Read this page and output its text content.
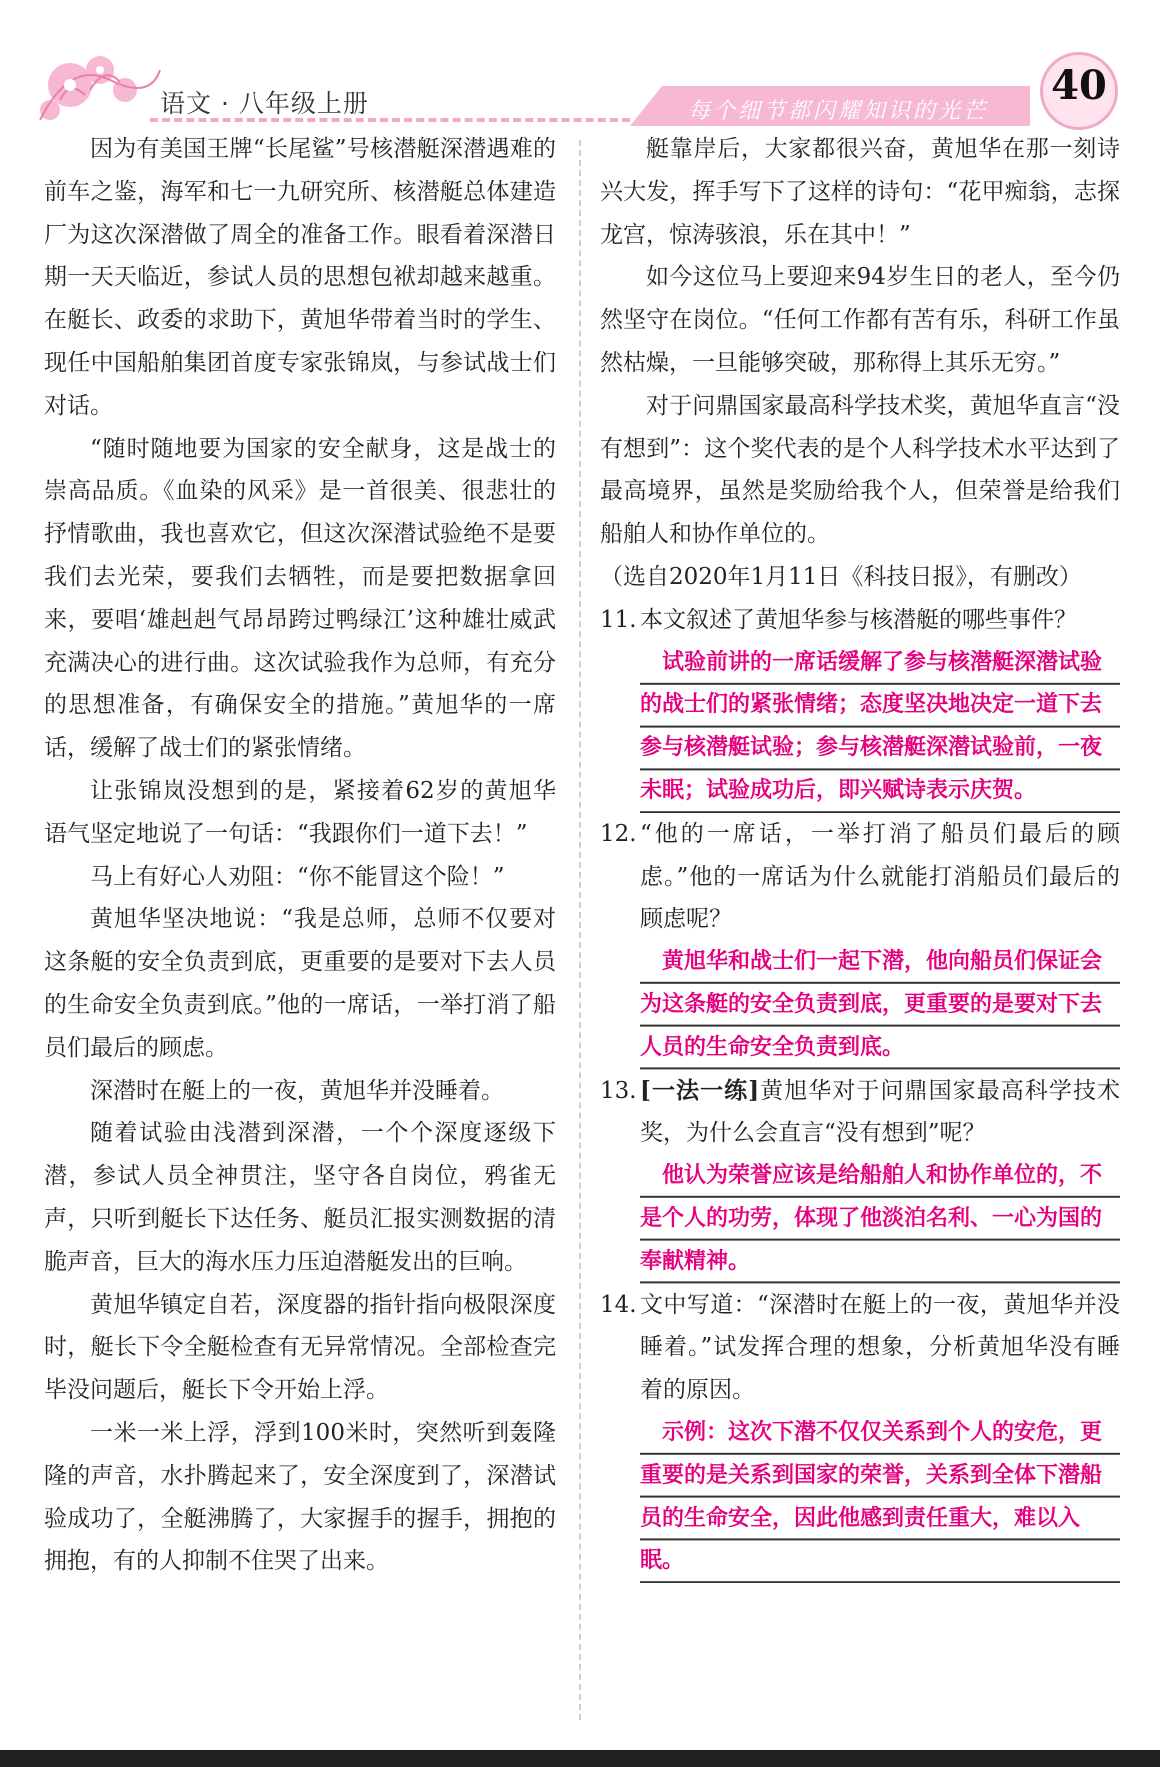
语文 · 八年级上册	每个细节都闪耀知识的光芒
40

因为有美国王牌“长尾鲨”号核潜艇深潜遇难的前车之鉴，海军和七一九研究所、核潜艇总体建造厂为这次深潜做了周全的准备工作。眼看着深潜日期一天天临近，参试人员的思想包袱却越来越重。在艇长、政委的求助下，黄旭华带着当时的学生、现任中国船舶集团首度专家张锦岚，与参试战士们对话。

“随时随地要为国家的安全献身，这是战士的崇高品质。《血染的风采》是一首很美、很悲壮的抒情歌曲，我也喜欢它，但这次深潜试验绝不是要我们去光荣，要我们去牺牲，而是要把数据拿回来，要唱‘雄赳赳气昂昂跨过鸭绿江’这种雄壮威武充满决心的进行曲。这次试验我作为总师，有充分的思想准备，有确保安全的措施。”黄旭华的一席话，缓解了战士们的紧张情绪。

让张锦岚没想到的是，紧接着62岁的黄旭华语气坚定地说了一句话：“我跟你们一道下去！”

马上有好心人劝阻：“你不能冒这个险！”

黄旭华坚决地说：“我是总师，总师不仅要对这条艇的安全负责到底，更重要的是要对下去人员的生命安全负责到底。”他的一席话，一举打消了船员们最后的顾虑。

深潜时在艇上的一夜，黄旭华并没睡着。

随着试验由浅潜到深潜，一个个深度逐级下潜，参试人员全神贯注，坚守各自岗位，鸦雀无声，只听到艇长下达任务、艇员汇报实测数据的清脆声音，巨大的海水压力压迫潜艇发出的巨响。

黄旭华镇定自若，深度器的指针指向极限深度时，艇长下令全艇检查有无异常情况。全部检查完毕没问题后，艇长下令开始上浮。

一米一米上浮，浮到100米时，突然听到轰隆隆的声音，水扑腾起来了，安全深度到了，深潜试验成功了，全艇沸腾了，大家握手的握手，拥抱的拥抱，有的人抑制不住哭了出来。

艇靠岸后，大家都很兴奋，黄旭华在那一刻诗兴大发，挥手写下了这样的诗句：“花甲痴翁，志探龙宫，惊涛骇浪，乐在其中！”

如今这位马上要迎来94岁生日的老人，至今仍然坚守在岗位。“任何工作都有苦有乐，科研工作虽然枯燥，一旦能够突破，那称得上其乐无穷。”

对于问鼎国家最高科学技术奖，黄旭华直言“没有想到”：这个奖代表的是个人科学技术水平达到了最高境界，虽然是奖励给我个人，但荣誉是给我们船舶人和协作单位的。

（选自2020年1月11日《科技日报》，有删改）

11. 本文叙述了黄旭华参与核潜艇的哪些事件？

试验前讲的一席话缓解了参与核潜艇深潜试验的战士们的紧张情绪；态度坚决地决定一道下去参与核潜艇试验；参与核潜艇深潜试验前，一夜未眠；试验成功后，即兴赋诗表示庆贺。

12. “他的一席话，一举打消了船员们最后的顾虑。”他的一席话为什么就能打消船员们最后的顾虑呢？

黄旭华和战士们一起下潜，他向船员们保证会为这条艇的安全负责到底，更重要的是要对下去人员的生命安全负责到底。

13. [一法一练]黄旭华对于问鼎国家最高科学技术奖，为什么会直言“没有想到”呢？

他认为荣誉应该是给船舶人和协作单位的，不是个人的功劳，体现了他淡泊名利、一心为国的奉献精神。

14. 文中写道：“深潜时在艇上的一夜，黄旭华并没睡着。”试发挥合理的想象，分析黄旭华没有睡着的原因。

示例：这次下潜不仅仅关系到个人的安危，更重要的是关系到国家的荣誉，关系到全体下潜船员的生命安全，因此他感到责任重大，难以入眠。
